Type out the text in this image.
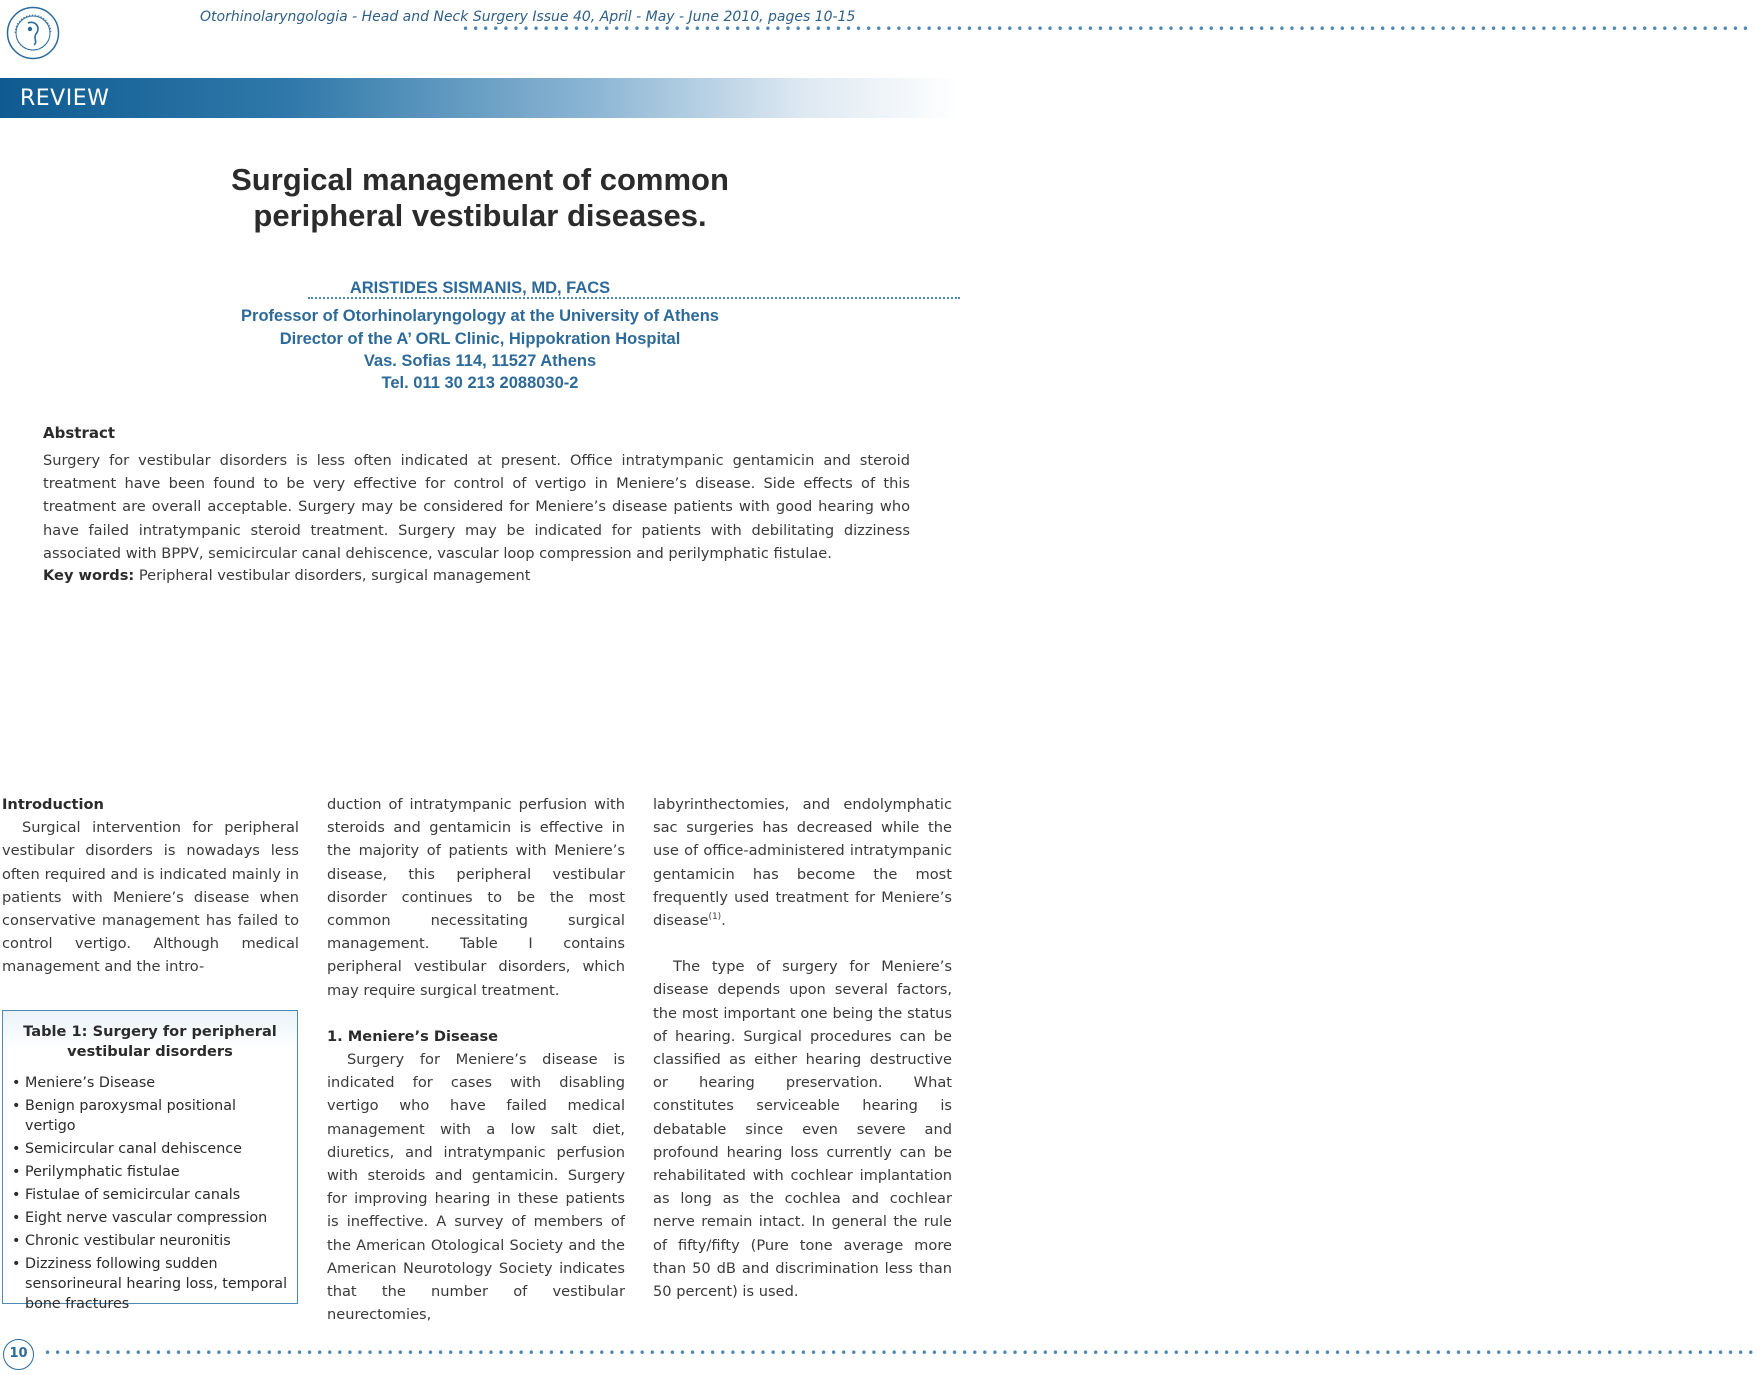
Otorhinolaryngologia - Head and Neck Surgery Issue 40, April - May - June 2010, pages 10-15
••••••••••••••••••••••••••••••••••••••••••••••••••••••••••••••••••••••••••••••••••••••••••••••••••••••••••••••••••••••••••••••••
REVIEW
Surgical management of common
peripheral vestibular diseases.
ARISTIDES SISMANIS, MD, FACS
Professor of Otorhinolaryngology at the University of Athens
Director of the A’ ORL Clinic, Hippokration Hospital
Vas. Sofias 114, 11527 Athens
Tel. 011 30 213 2088030-2
Abstract
Surgery for vestibular disorders is less often indicated at present. Office intratympanic gentamicin and steroid treatment have been found to be very effective for control of vertigo in Meniere’s disease. Side effects of this treatment are overall acceptable. Surgery may be considered for Meniere’s disease patients with good hearing who have failed intratympanic steroid treatment. Surgery may be indicated for patients with debilitating dizziness associated with BPPV, semicircular canal dehiscence, vascular loop compression and perilymphatic fistulae.
Key words: Peripheral vestibular disorders, surgical management

Introduction

Surgical intervention for peripheral vestibular disorders is nowadays less often required and is indicated mainly in patients with Meniere’s disease when conservative management has failed to control vertigo. Although medical management and the intro-

Table 1: Surgery for peripheral vestibular disorders
• Meniere’s Disease
• Benign paroxysmal positional vertigo
• Semicircular canal dehiscence
• Perilymphatic fistulae
• Fistulae of semicircular canals
• Eight nerve vascular compression
• Chronic vestibular neuronitis
• Dizziness following sudden sensorineural hearing loss, temporal bone fractures

duction of intratympanic perfusion with steroids and gentamicin is effective in the majority of patients with Meniere’s disease, this peripheral vestibular disorder continues to be the most common necessitating surgical management. Table I contains peripheral vestibular disorders, which may require surgical treatment.

1. Meniere’s Disease

Surgery for Meniere’s disease is indicated for cases with disabling vertigo who have failed medical management with a low salt diet, diuretics, and intratympanic perfusion with steroids and gentamicin. Surgery for improving hearing in these patients is ineffective. A survey of members of the American Otological Society and the American Neurotology Society indicates that the number of vestibular neurectomies,

labyrinthectomies, and endolymphatic sac surgeries has decreased while the use of office-administered intratympanic gentamicin has become the most frequently used treatment for Meniere’s disease$^{(1)}$.

The type of surgery for Meniere’s disease depends upon several factors, the most important one being the status of hearing. Surgical procedures can be classified as either hearing destructive or hearing preservation. What constitutes serviceable hearing is debatable since even severe and profound hearing loss currently can be rehabilitated with cochlear implantation as long as the cochlea and cochlear nerve remain intact. In general the rule of fifty/fifty (Pure tone average more than 50 dB and discrimination less than 50 percent) is used.

10	••••••••••••••••••••••••••••••••••••••••••••••••••••••••••••••••••••••••••••••••••••••••••••••••••••••••••••••••••••••••••••••••••••••••••••••••••••••••••••••••••••••••••
